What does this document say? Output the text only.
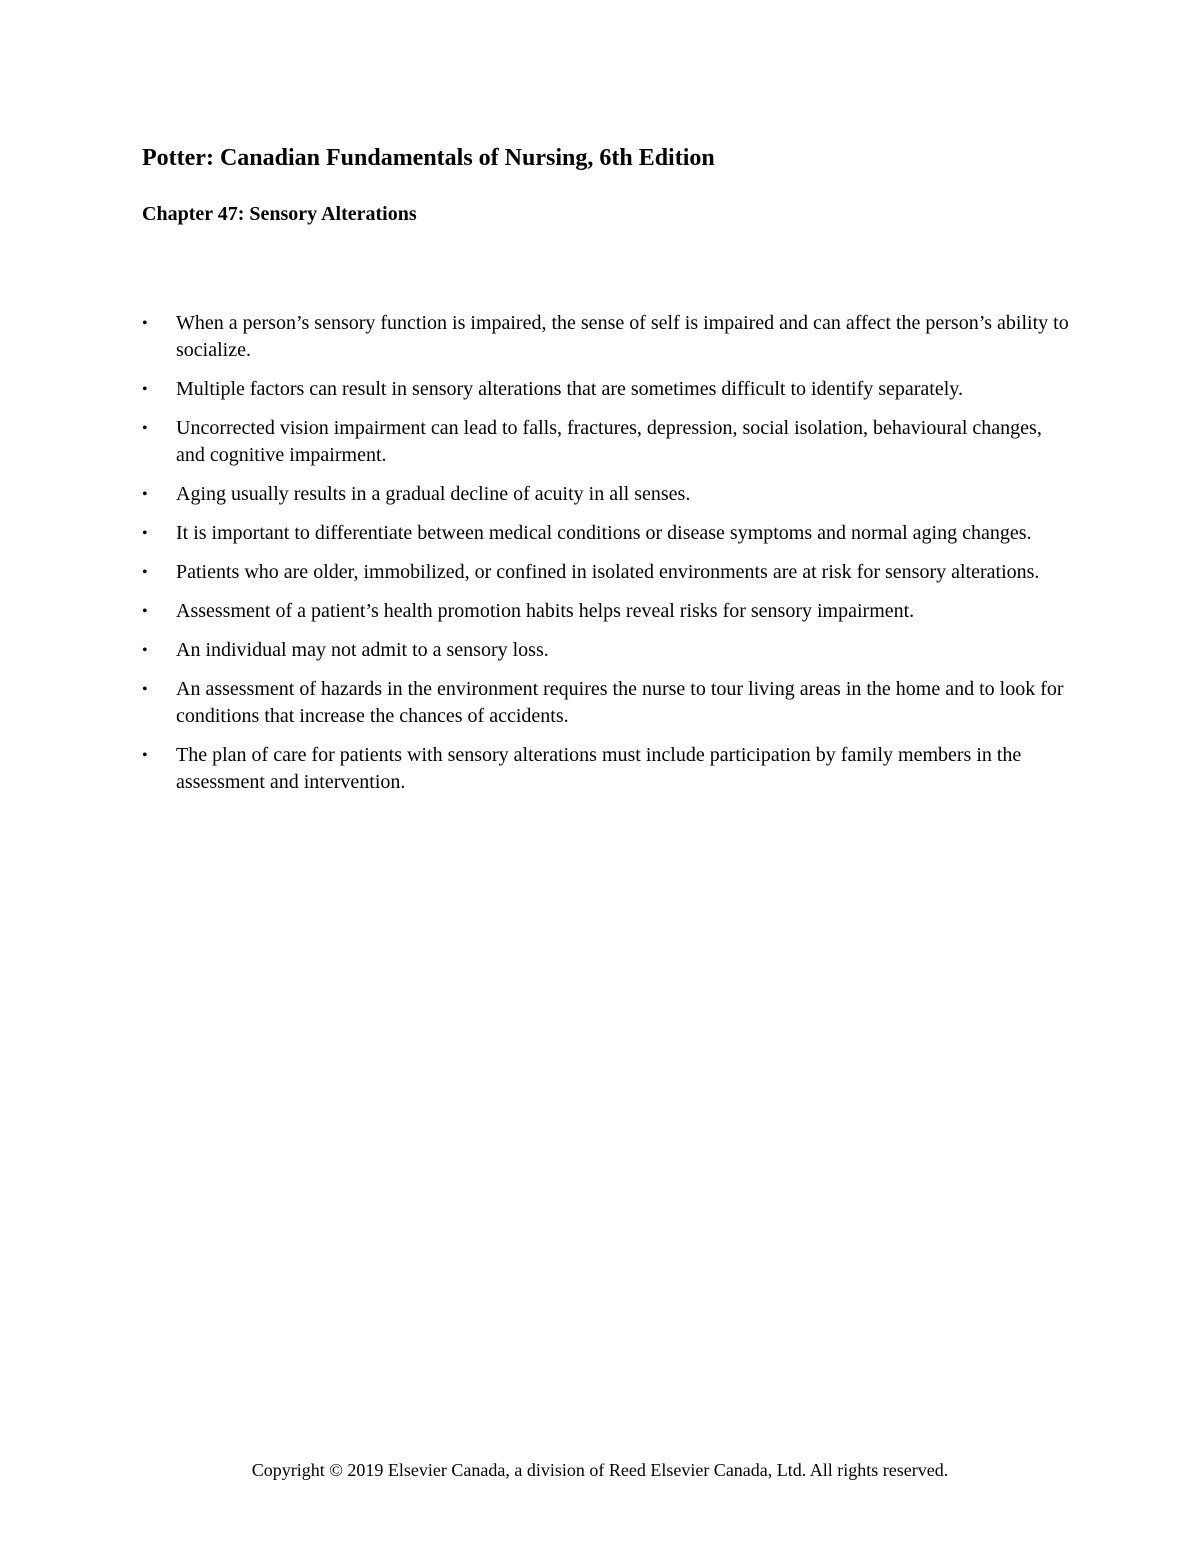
Potter: Canadian Fundamentals of Nursing, 6th Edition
Chapter 47: Sensory Alterations
•	When a person’s sensory function is impaired, the sense of self is impaired and can affect the person’s ability to socialize.
•	Multiple factors can result in sensory alterations that are sometimes difficult to identify separately.
•	Uncorrected vision impairment can lead to falls, fractures, depression, social isolation, behavioural changes, and cognitive impairment.
•	Aging usually results in a gradual decline of acuity in all senses.
•	It is important to differentiate between medical conditions or disease symptoms and normal aging changes.
•	Patients who are older, immobilized, or confined in isolated environments are at risk for sensory alterations.
•	Assessment of a patient’s health promotion habits helps reveal risks for sensory impairment.
•	An individual may not admit to a sensory loss.
•	An assessment of hazards in the environment requires the nurse to tour living areas in the home and to look for conditions that increase the chances of accidents.
•	The plan of care for patients with sensory alterations must include participation by family members in the assessment and intervention.
Copyright © 2019 Elsevier Canada, a division of Reed Elsevier Canada, Ltd. All rights reserved.
